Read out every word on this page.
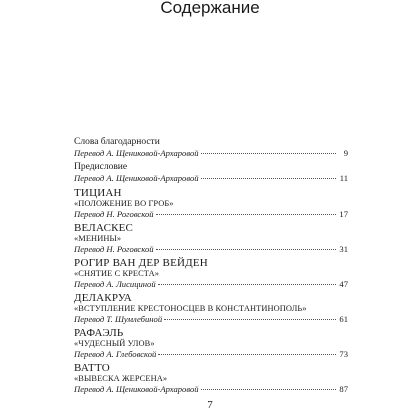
Содержание
Слова благодарности
Перевод А. Щениковой-Архаровой	9
Предисловие
Перевод А. Щениковой-Архаровой	11
ТИЦИАН
«ПОЛОЖЕНИЕ ВО ГРОБ»
Перевод Н. Роговской	17
ВЕЛАСКЕС
«МЕНИНЫ»
Перевод Н. Роговской	31
РОГИР ВАН ДЕР ВЕЙДЕН
«СНЯТИЕ С КРЕСТА»
Перевод А. Лисициной	47
ДЕЛАКРУА
«ВСТУПЛЕНИЕ КРЕСТОНОСЦЕВ В КОНСТАНТИНОПОЛЬ»
Перевод Т. Шумлебиной	61
РАФАЭЛЬ
«ЧУДЕСНЫЙ УЛОВ»
Перевод А. Глебовской	73
ВАТТО
«ВЫВЕСКА ЖЕРСЕНА»
Перевод А. Щениковой-Архаровой	87
7
